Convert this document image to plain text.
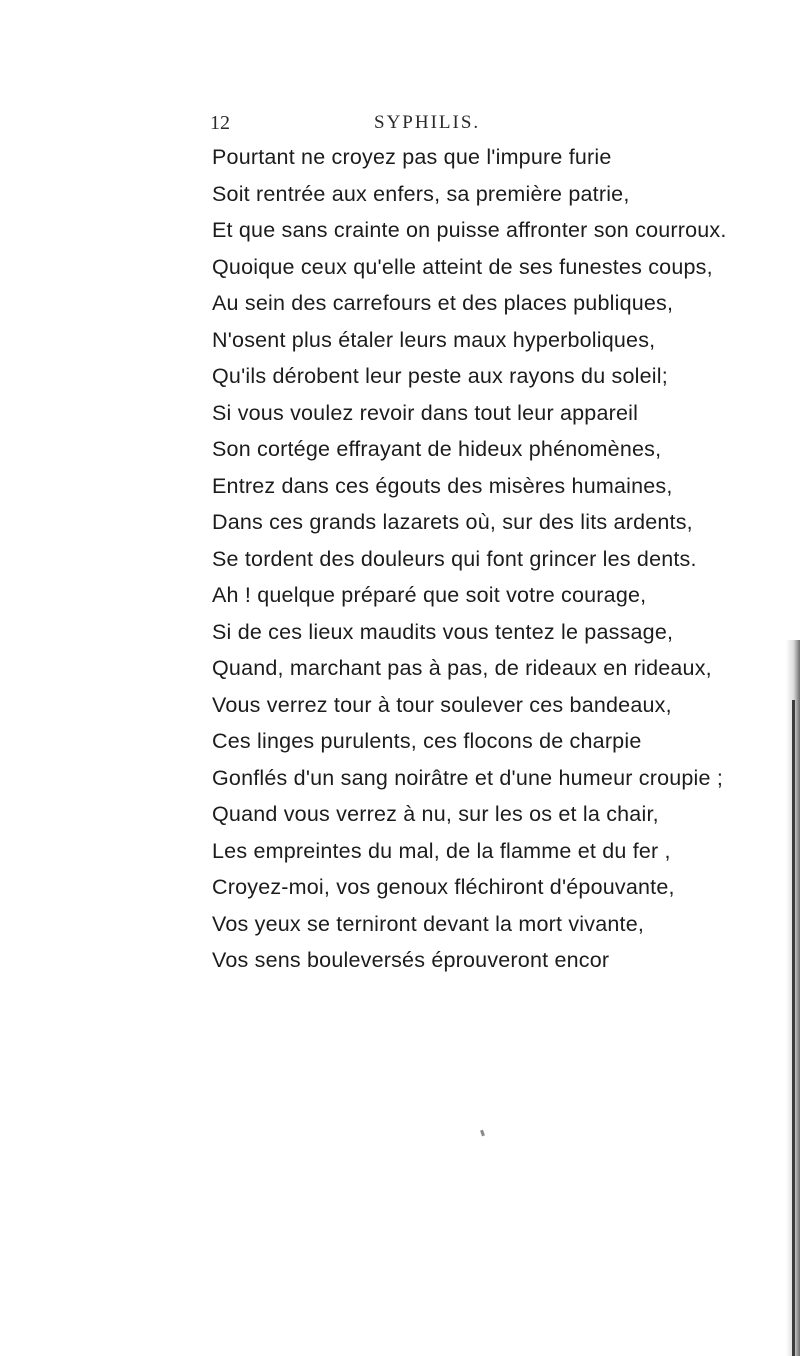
12	SYPHILIS.
Pourtant ne croyez pas que l'impure furie
Soit rentrée aux enfers, sa première patrie,
Et que sans crainte on puisse affronter son courroux.
Quoique ceux qu'elle atteint de ses funestes coups,
Au sein des carrefours et des places publiques,
N'osent plus étaler leurs maux hyperboliques,
Qu'ils dérobent leur peste aux rayons du soleil;
Si vous voulez revoir dans tout leur appareil
Son cortége effrayant de hideux phénomènes,
Entrez dans ces égouts des misères humaines,
Dans ces grands lazarets où, sur des lits ardents,
Se tordent des douleurs qui font grincer les dents.
Ah ! quelque préparé que soit votre courage,
Si de ces lieux maudits vous tentez le passage,
Quand, marchant pas à pas, de rideaux en rideaux,
Vous verrez tour à tour soulever ces bandeaux,
Ces linges purulents, ces flocons de charpie
Gonflés d'un sang noirâtre et d'une humeur croupie ;
Quand vous verrez à nu, sur les os et la chair,
Les empreintes du mal, de la flamme et du fer ,
Croyez-moi, vos genoux fléchiront d'épouvante,
Vos yeux se terniront devant la mort vivante,
Vos sens bouleversés éprouveront encor
